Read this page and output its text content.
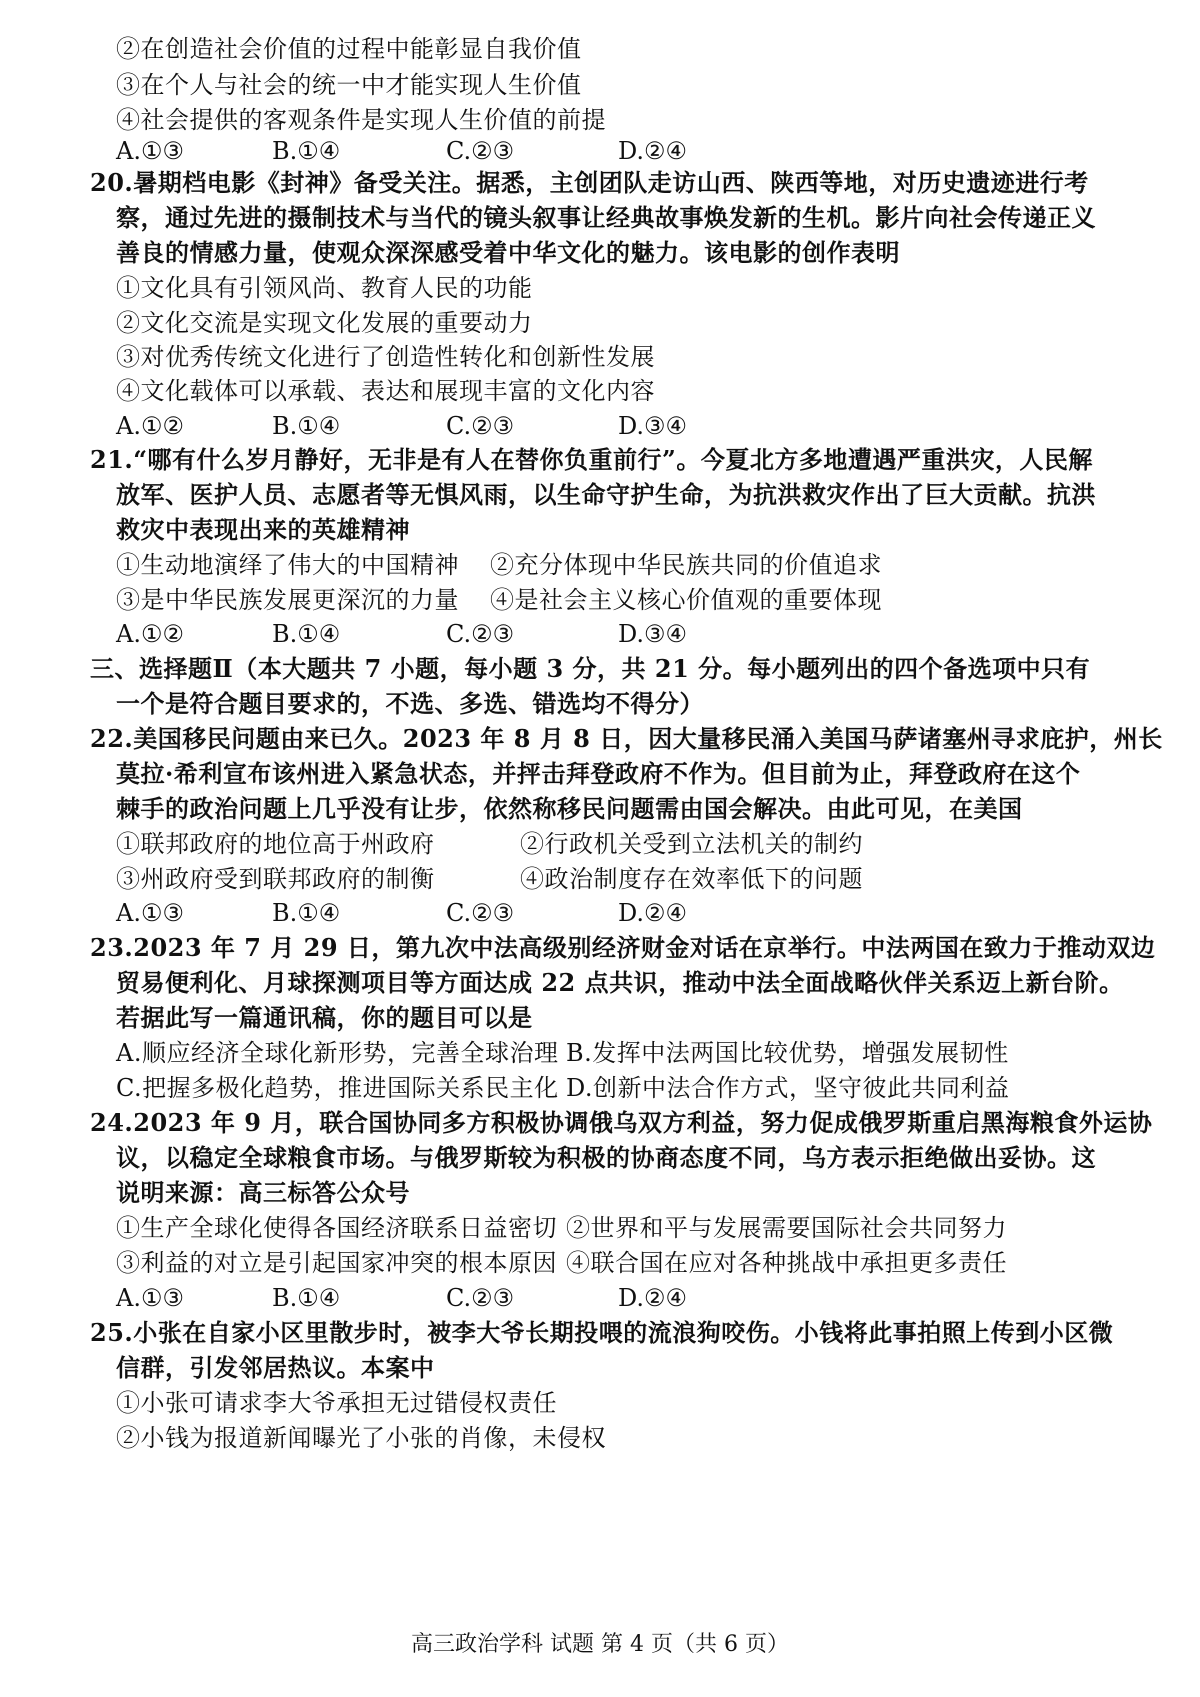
②在创造社会价值的过程中能彰显自我价值
③在个人与社会的统一中才能实现人生价值
④社会提供的客观条件是实现人生价值的前提
A.①③	B.①④	C.②③	D.②④
20.暑期档电影《封神》备受关注。据悉，主创团队走访山西、陕西等地，对历史遗迹进行考
察，通过先进的摄制技术与当代的镜头叙事让经典故事焕发新的生机。影片向社会传递正义
善良的情感力量，使观众深深感受着中华文化的魅力。该电影的创作表明
①文化具有引领风尚、教育人民的功能
②文化交流是实现文化发展的重要动力
③对优秀传统文化进行了创造性转化和创新性发展
④文化载体可以承载、表达和展现丰富的文化内容
A.①②	B.①④	C.②③	D.③④
21.“哪有什么岁月静好，无非是有人在替你负重前行”。今夏北方多地遭遇严重洪灾，人民解
放军、医护人员、志愿者等无惧风雨，以生命守护生命，为抗洪救灾作出了巨大贡献。抗洪
救灾中表现出来的英雄精神
①生动地演绎了伟大的中国精神 ②充分体现中华民族共同的价值追求
③是中华民族发展更深沉的力量 ④是社会主义核心价值观的重要体现
A.①②	B.①④	C.②③	D.③④
三、选择题Ⅱ（本大题共 7 小题，每小题 3 分，共 21 分。每小题列出的四个备选项中只有
一个是符合题目要求的，不选、多选、错选均不得分）
22.美国移民问题由来已久。2023 年 8 月 8 日，因大量移民涌入美国马萨诸塞州寻求庇护，州长
莫拉·希利宣布该州进入紧急状态，并抨击拜登政府不作为。但目前为止，拜登政府在这个
棘手的政治问题上几乎没有让步，依然称移民问题需由国会解决。由此可见，在美国
①联邦政府的地位高于州政府	②行政机关受到立法机关的制约
③州政府受到联邦政府的制衡	④政治制度存在效率低下的问题
A.①③	B.①④	C.②③	D.②④
23.2023 年 7 月 29 日，第九次中法高级别经济财金对话在京举行。中法两国在致力于推动双边
贸易便利化、月球探测项目等方面达成 22 点共识，推动中法全面战略伙伴关系迈上新台阶。
若据此写一篇通讯稿，你的题目可以是
A.顺应经济全球化新形势，完善全球治理 B.发挥中法两国比较优势，增强发展韧性
C.把握多极化趋势，推进国际关系民主化 D.创新中法合作方式，坚守彼此共同利益
24.2023 年 9 月，联合国协同多方积极协调俄乌双方利益，努力促成俄罗斯重启黑海粮食外运协
议，以稳定全球粮食市场。与俄罗斯较为积极的协商态度不同，乌方表示拒绝做出妥协。这
说明来源：高三标答公众号
①生产全球化使得各国经济联系日益密切 ②世界和平与发展需要国际社会共同努力
③利益的对立是引起国家冲突的根本原因 ④联合国在应对各种挑战中承担更多责任
A.①③	B.①④	C.②③	D.②④
25.小张在自家小区里散步时，被李大爷长期投喂的流浪狗咬伤。小钱将此事拍照上传到小区微
信群，引发邻居热议。本案中
①小张可请求李大爷承担无过错侵权责任
②小钱为报道新闻曝光了小张的肖像，未侵权
高三政治学科 试题 第 4 页（共 6 页）
